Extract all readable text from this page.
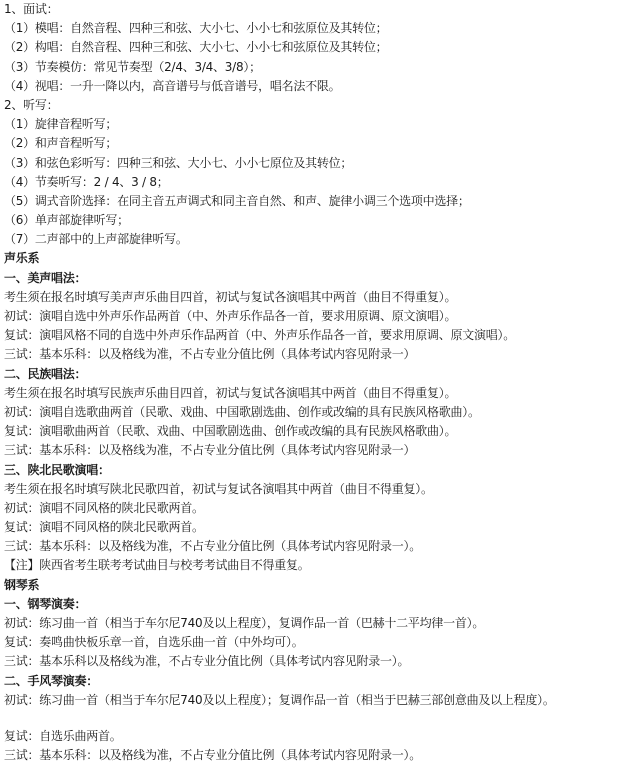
1、面试：
（1）模唱：自然音程、四种三和弦、大小七、小小七和弦原位及其转位；
（2）构唱：自然音程、四种三和弦、大小七、小小七和弦原位及其转位；
（3）节奏模仿：常见节奏型（2/4、3/4、3/8）；
（4）视唱：一升一降以内，高音谱号与低音谱号，唱名法不限。
2、听写：
（1）旋律音程听写；
（2）和声音程听写；
（3）和弦色彩听写：四种三和弦、大小七、小小七原位及其转位；
（4）节奏听写：2 / 4、3 / 8；
（5）调式音阶选择：在同主音五声调式和同主音自然、和声、旋律小调三个选项中选择；
（6）单声部旋律听写；
（7）二声部中的上声部旋律听写。
声乐系
一、美声唱法：
考生须在报名时填写美声声乐曲目四首，初试与复试各演唱其中两首（曲目不得重复）。
初试：演唱自选中外声乐作品两首（中、外声乐作品各一首，要求用原调、原文演唱）。
复试：演唱风格不同的自选中外声乐作品两首（中、外声乐作品各一首，要求用原调、原文演唱）。
三试：基本乐科：以及格线为准，不占专业分值比例（具体考试内容见附录一）
二、民族唱法：
考生须在报名时填写民族声乐曲目四首，初试与复试各演唱其中两首（曲目不得重复）。
初试：演唱自选歌曲两首（民歌、戏曲、中国歌剧选曲、创作或改编的具有民族风格歌曲）。
复试：演唱歌曲两首（民歌、戏曲、中国歌剧选曲、创作或改编的具有民族风格歌曲）。
三试：基本乐科：以及格线为准，不占专业分值比例（具体考试内容见附录一）
三、陕北民歌演唱：
考生须在报名时填写陕北民歌四首，初试与复试各演唱其中两首（曲目不得重复）。
初试：演唱不同风格的陕北民歌两首。
复试：演唱不同风格的陕北民歌两首。
三试：基本乐科：以及格线为准，不占专业分值比例（具体考试内容见附录一）。
【注】陕西省考生联考考试曲目与校考考试曲目不得重复。
钢琴系
一、钢琴演奏：
初试：练习曲一首（相当于车尔尼740及以上程度），复调作品一首（巴赫十二平均律一首）。
复试：奏鸣曲快板乐章一首，自选乐曲一首（中外均可）。
三试：基本乐科以及格线为准，不占专业分值比例（具体考试内容见附录一）。
二、手风琴演奏：
初试：练习曲一首（相当于车尔尼740及以上程度）；复调作品一首（相当于巴赫三部创意曲及以上程度）。
复试：自选乐曲两首。
三试：基本乐科：以及格线为准，不占专业分值比例（具体考试内容见附录一）。
